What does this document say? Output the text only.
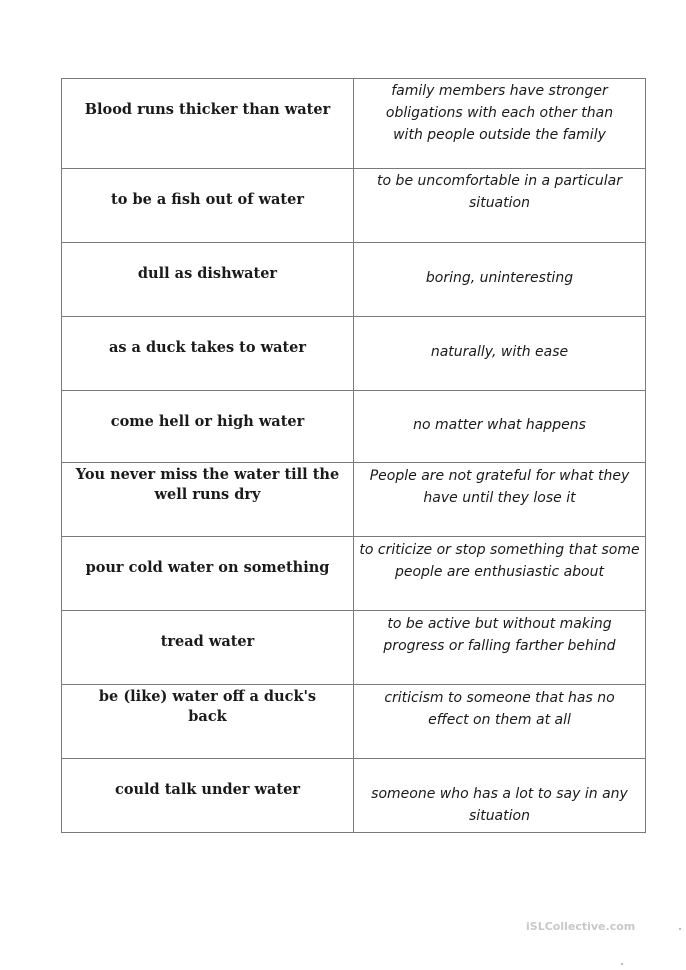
Blood runs thicker than water	family members have stronger obligations with each other than with people outside the family

to be a fish out of water	to be uncomfortable in a particular situation

dull as dishwater	boring, uninteresting

as a duck takes to water	naturally, with ease

come hell or high water	no matter what happens

You never miss the water till the well runs dry	People are not grateful for what they have until they lose it

pour cold water on something	to criticize or stop something that some people are enthusiastic about

tread water	to be active but without making progress or falling farther behind

be (like) water off a duck's back	criticism to someone that has no effect on them at all

could talk under water	someone who has a lot to say in any situation
iSLCollective.com
